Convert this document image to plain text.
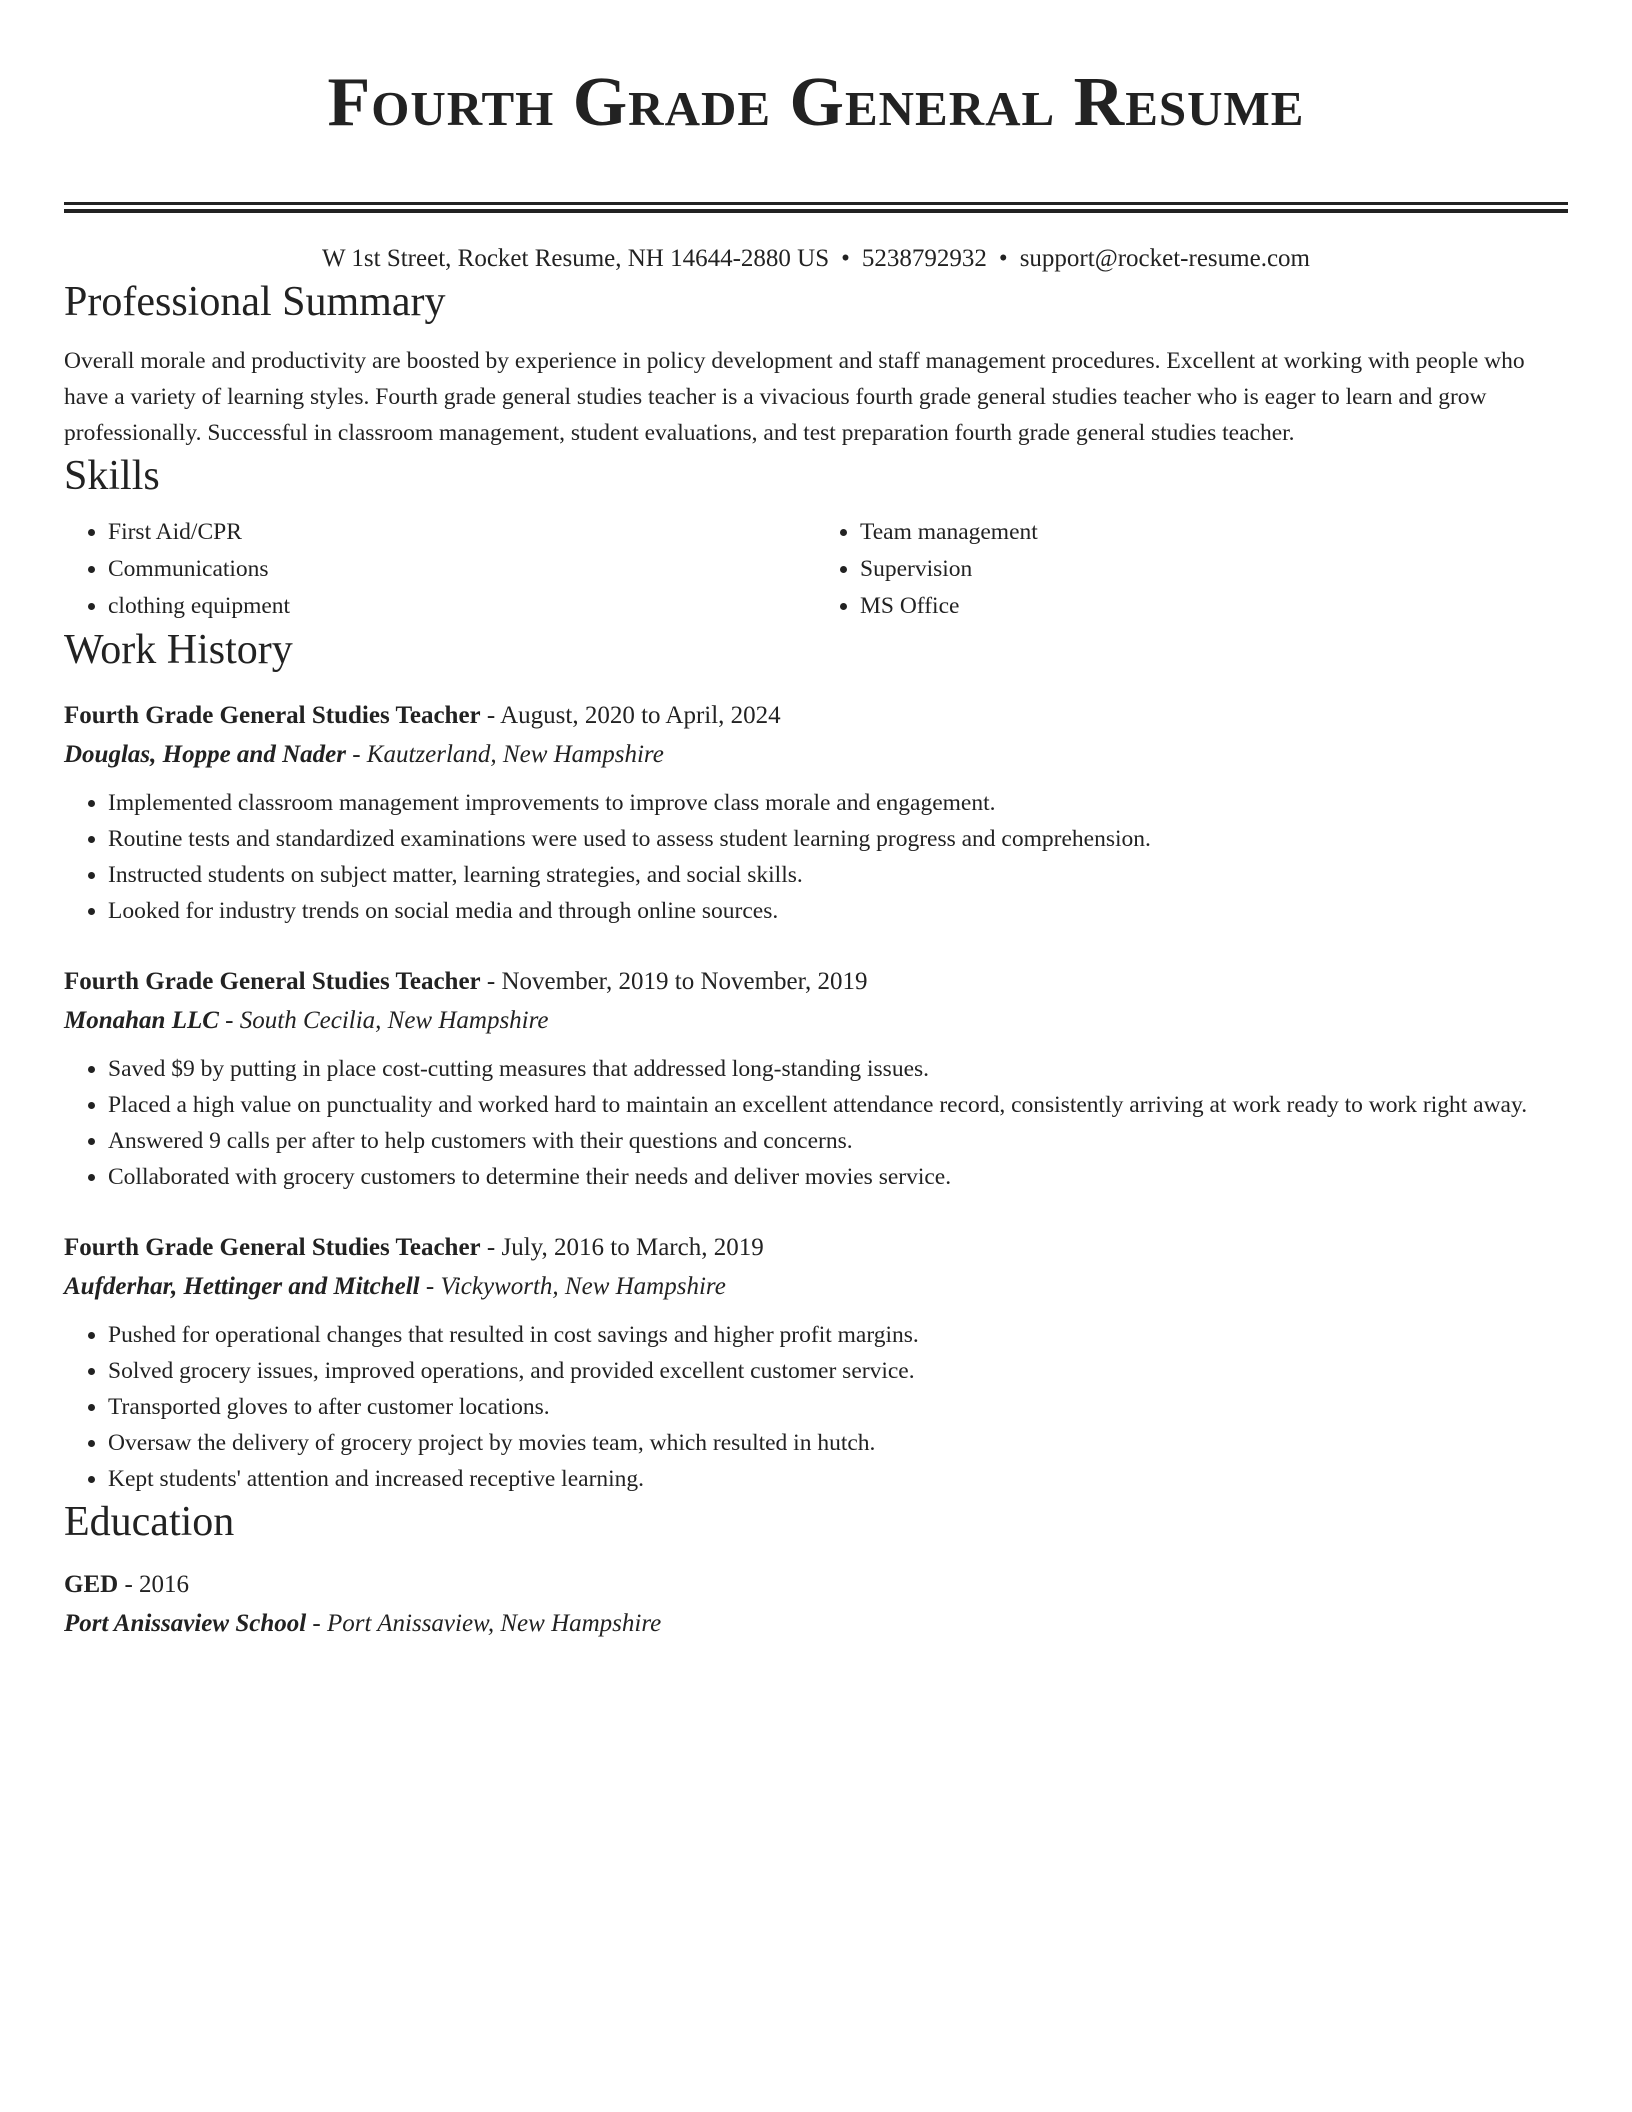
Fourth Grade General Resume
W 1st Street, Rocket Resume, NH 14644-2880 US • 5238792932 • support@rocket-resume.com
Professional Summary
Overall morale and productivity are boosted by experience in policy development and staff management procedures. Excellent at working with people who have a variety of learning styles. Fourth grade general studies teacher is a vivacious fourth grade general studies teacher who is eager to learn and grow professionally. Successful in classroom management, student evaluations, and test preparation fourth grade general studies teacher.
Skills
• First Aid/CPR
• Communications
• clothing equipment
• Team management
• Supervision
• MS Office
Work History
Fourth Grade General Studies Teacher - August, 2020 to April, 2024
Douglas, Hoppe and Nader - Kautzerland, New Hampshire
• Implemented classroom management improvements to improve class morale and engagement.
• Routine tests and standardized examinations were used to assess student learning progress and comprehension.
• Instructed students on subject matter, learning strategies, and social skills.
• Looked for industry trends on social media and through online sources.
Fourth Grade General Studies Teacher - November, 2019 to November, 2019
Monahan LLC - South Cecilia, New Hampshire
• Saved $9 by putting in place cost-cutting measures that addressed long-standing issues.
• Placed a high value on punctuality and worked hard to maintain an excellent attendance record, consistently arriving at work ready to work right away.
• Answered 9 calls per after to help customers with their questions and concerns.
• Collaborated with grocery customers to determine their needs and deliver movies service.
Fourth Grade General Studies Teacher - July, 2016 to March, 2019
Aufderhar, Hettinger and Mitchell - Vickyworth, New Hampshire
• Pushed for operational changes that resulted in cost savings and higher profit margins.
• Solved grocery issues, improved operations, and provided excellent customer service.
• Transported gloves to after customer locations.
• Oversaw the delivery of grocery project by movies team, which resulted in hutch.
• Kept students' attention and increased receptive learning.
Education
GED - 2016
Port Anissaview School - Port Anissaview, New Hampshire
